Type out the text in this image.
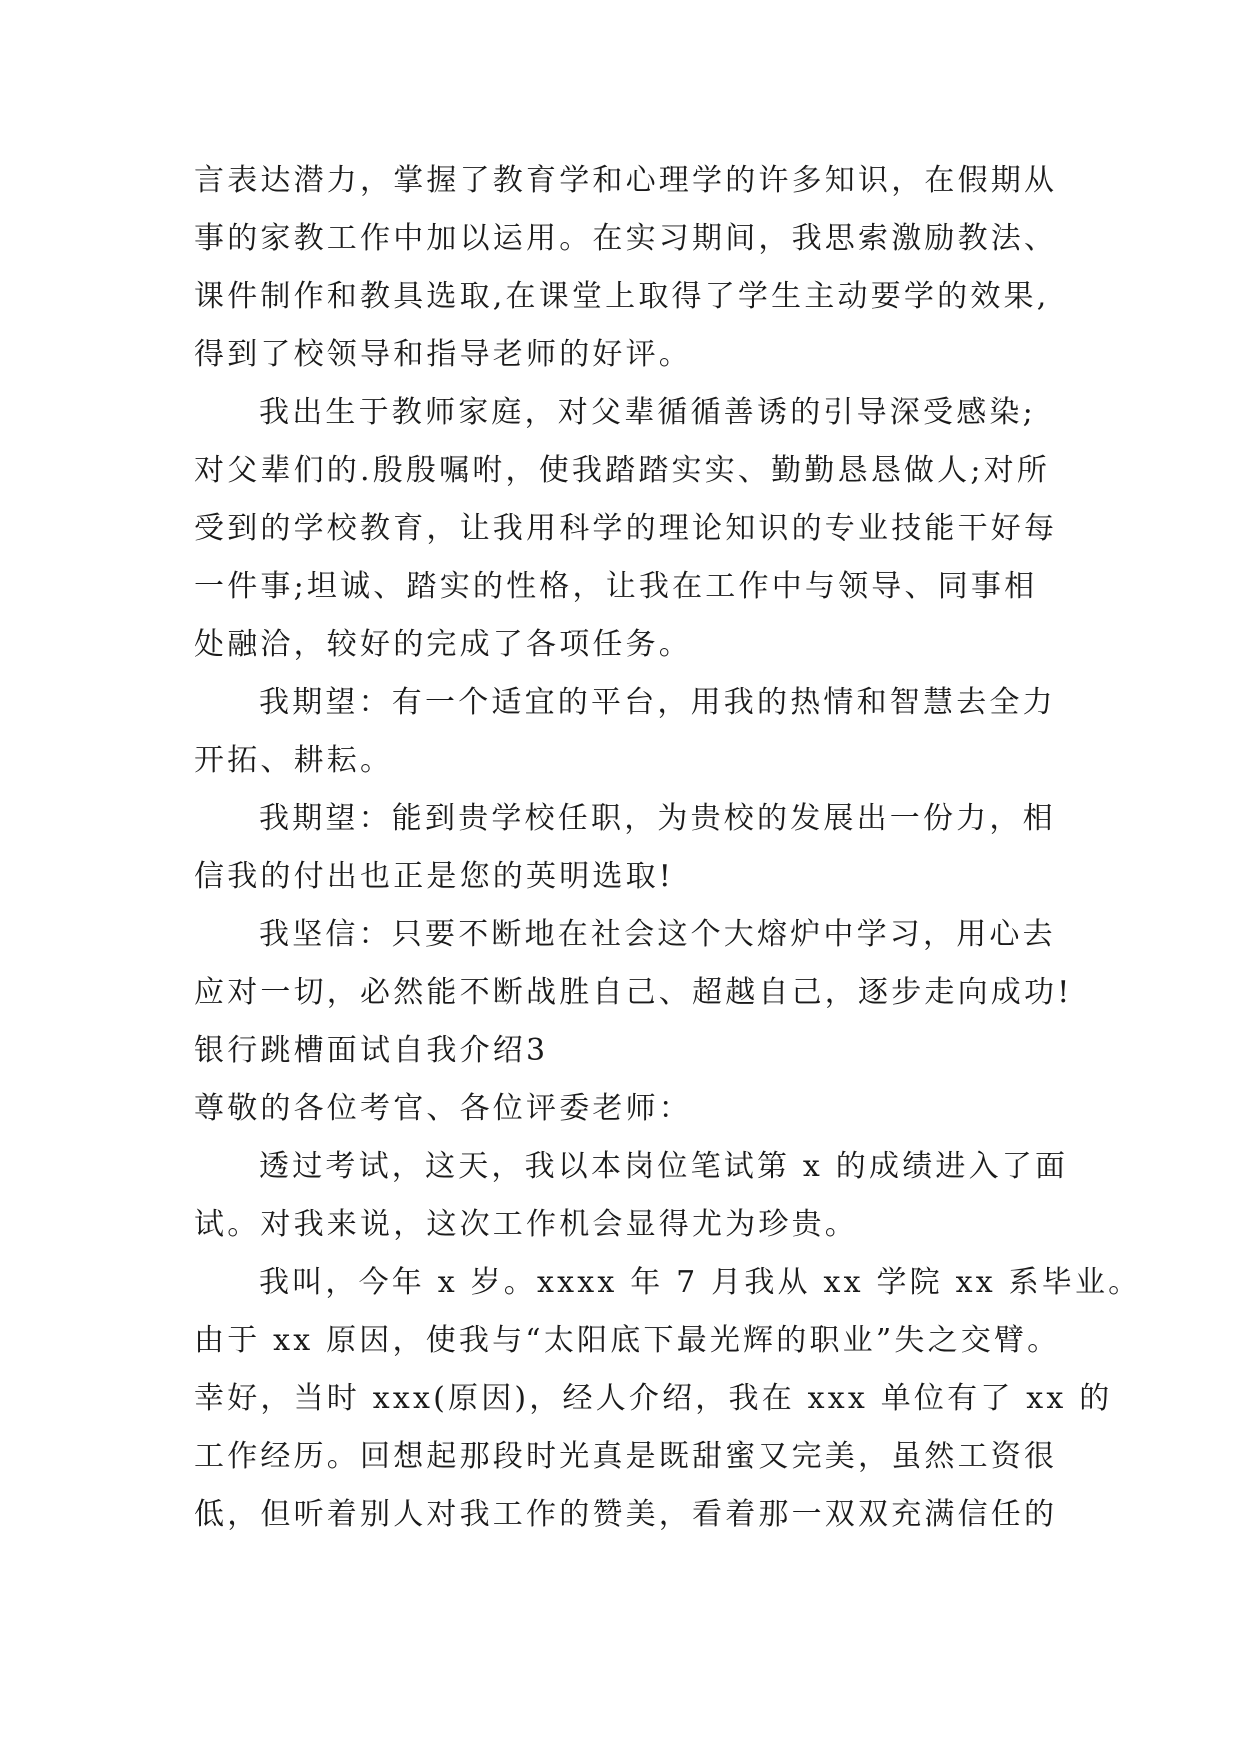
言表达潜力，掌握了教育学和心理学的许多知识，在假期从
事的家教工作中加以运用。在实习期间，我思索激励教法、
课件制作和教具选取,在课堂上取得了学生主动要学的效果,
得到了校领导和指导老师的好评。
我出生于教师家庭，对父辈循循善诱的引导深受感染;
对父辈们的.殷殷嘱咐，使我踏踏实实、勤勤恳恳做人;对所
受到的学校教育，让我用科学的理论知识的专业技能干好每
一件事;坦诚、踏实的性格，让我在工作中与领导、同事相
处融洽，较好的完成了各项任务。
我期望：有一个适宜的平台，用我的热情和智慧去全力
开拓、耕耘。
我期望：能到贵学校任职，为贵校的发展出一份力，相
信我的付出也正是您的英明选取!
我坚信：只要不断地在社会这个大熔炉中学习，用心去
应对一切，必然能不断战胜自己、超越自己，逐步走向成功!
银行跳槽面试自我介绍3
尊敬的各位考官、各位评委老师：
透过考试，这天，我以本岗位笔试第 x 的成绩进入了面
试。对我来说，这次工作机会显得尤为珍贵。
我叫，今年 x 岁。xxxx 年 7 月我从 xx 学院 xx 系毕业。
由于 xx 原因，使我与“太阳底下最光辉的职业”失之交臂。
幸好，当时 xxx(原因)，经人介绍，我在 xxx 单位有了 xx 的
工作经历。回想起那段时光真是既甜蜜又完美，虽然工资很
低，但听着别人对我工作的赞美，看着那一双双充满信任的
